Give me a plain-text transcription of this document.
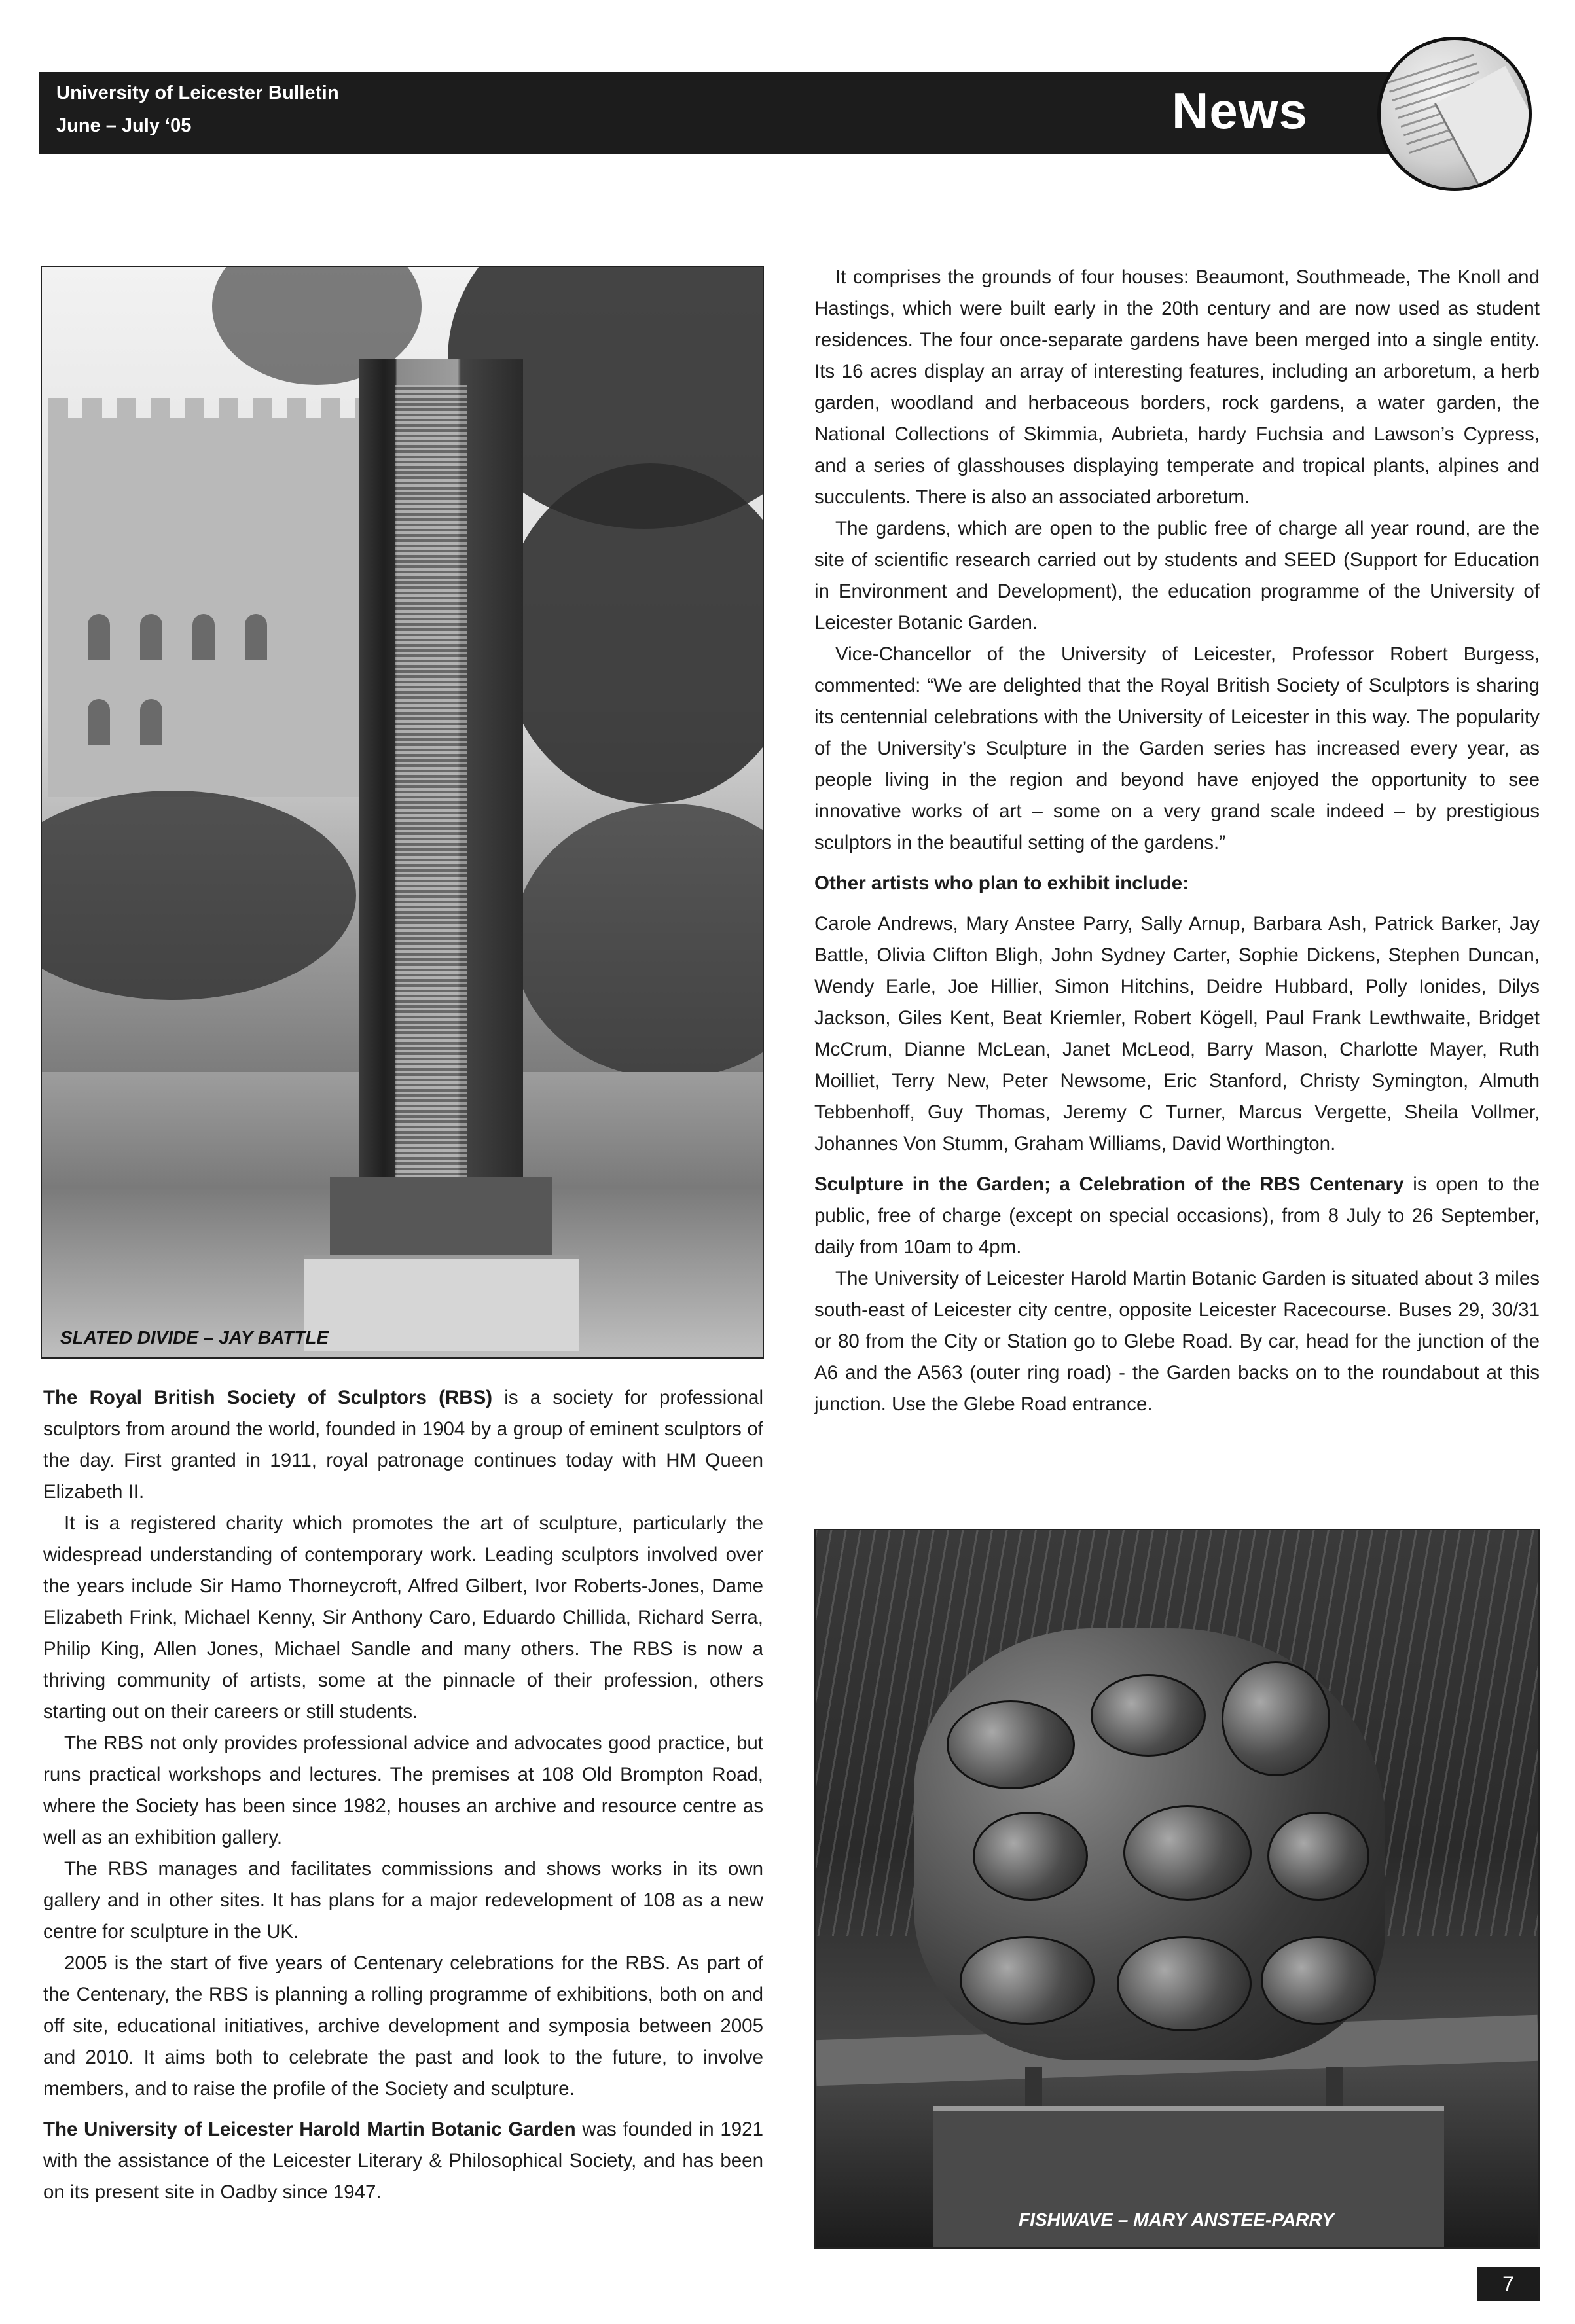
University of Leicester Bulletin
June – July ‘05	News
SLATED DIVIDE – JAY BATTLE

The Royal British Society of Sculptors (RBS) is a society for professional sculptors from around the world, founded in 1904 by a group of eminent sculptors of the day. First granted in 1911, royal patronage continues today with HM Queen Elizabeth II.

It is a registered charity which promotes the art of sculpture, particularly the widespread understanding of contemporary work. Leading sculptors involved over the years include Sir Hamo Thorneycroft, Alfred Gilbert, Ivor Roberts-Jones, Dame Elizabeth Frink, Michael Kenny, Sir Anthony Caro, Eduardo Chillida, Richard Serra, Philip King, Allen Jones, Michael Sandle and many others. The RBS is now a thriving community of artists, some at the pinnacle of their profession, others starting out on their careers or still students.

The RBS not only provides professional advice and advocates good practice, but runs practical workshops and lectures. The premises at 108 Old Brompton Road, where the Society has been since 1982, houses an archive and resource centre as well as an exhibition gallery.

The RBS manages and facilitates commissions and shows works in its own gallery and in other sites. It has plans for a major redevelopment of 108 as a new centre for sculpture in the UK.

2005 is the start of five years of Centenary celebrations for the RBS. As part of the Centenary, the RBS is planning a rolling programme of exhibitions, both on and off site, educational initiatives, archive development and symposia between 2005 and 2010. It aims both to celebrate the past and look to the future, to involve members, and to raise the profile of the Society and sculpture.

The University of Leicester Harold Martin Botanic Garden was founded in 1921 with the assistance of the Leicester Literary & Philosophical Society, and has been on its present site in Oadby since 1947.

It comprises the grounds of four houses: Beaumont, Southmeade, The Knoll and Hastings, which were built early in the 20th century and are now used as student residences. The four once-separate gardens have been merged into a single entity. Its 16 acres display an array of interesting features, including an arboretum, a herb garden, woodland and herbaceous borders, rock gardens, a water garden, the National Collections of Skimmia, Aubrieta, hardy Fuchsia and Lawson’s Cypress, and a series of glasshouses displaying temperate and tropical plants, alpines and succulents. There is also an associated arboretum.

The gardens, which are open to the public free of charge all year round, are the site of scientific research carried out by students and SEED (Support for Education in Environment and Development), the education programme of the University of Leicester Botanic Garden.

Vice-Chancellor of the University of Leicester, Professor Robert Burgess, commented: “We are delighted that the Royal British Society of Sculptors is sharing its centennial celebrations with the University of Leicester in this way. The popularity of the University’s Sculpture in the Garden series has increased every year, as people living in the region and beyond have enjoyed the opportunity to see innovative works of art – some on a very grand scale indeed – by prestigious sculptors in the beautiful setting of the gardens.”

Other artists who plan to exhibit include:

Carole Andrews, Mary Anstee Parry, Sally Arnup, Barbara Ash, Patrick Barker, Jay Battle, Olivia Clifton Bligh, John Sydney Carter, Sophie Dickens, Stephen Duncan, Wendy Earle, Joe Hillier, Simon Hitchins, Deidre Hubbard, Polly Ionides, Dilys Jackson, Giles Kent, Beat Kriemler, Robert Kögell, Paul Frank Lewthwaite, Bridget McCrum, Dianne McLean, Janet McLeod, Barry Mason, Charlotte Mayer, Ruth Moilliet, Terry New, Peter Newsome, Eric Stanford, Christy Symington, Almuth Tebbenhoff, Guy Thomas, Jeremy C Turner, Marcus Vergette, Sheila Vollmer, Johannes Von Stumm, Graham Williams, David Worthington.

Sculpture in the Garden; a Celebration of the RBS Centenary is open to the public, free of charge (except on special occasions), from 8 July to 26 September, daily from 10am to 4pm.

The University of Leicester Harold Martin Botanic Garden is situated about 3 miles south-east of Leicester city centre, opposite Leicester Racecourse. Buses 29, 30/31 or 80 from the City or Station go to Glebe Road. By car, head for the junction of the A6 and the A563 (outer ring road) - the Garden backs on to the roundabout at this junction. Use the Glebe Road entrance.

FISHWAVE – MARY ANSTEE-PARRY
7
